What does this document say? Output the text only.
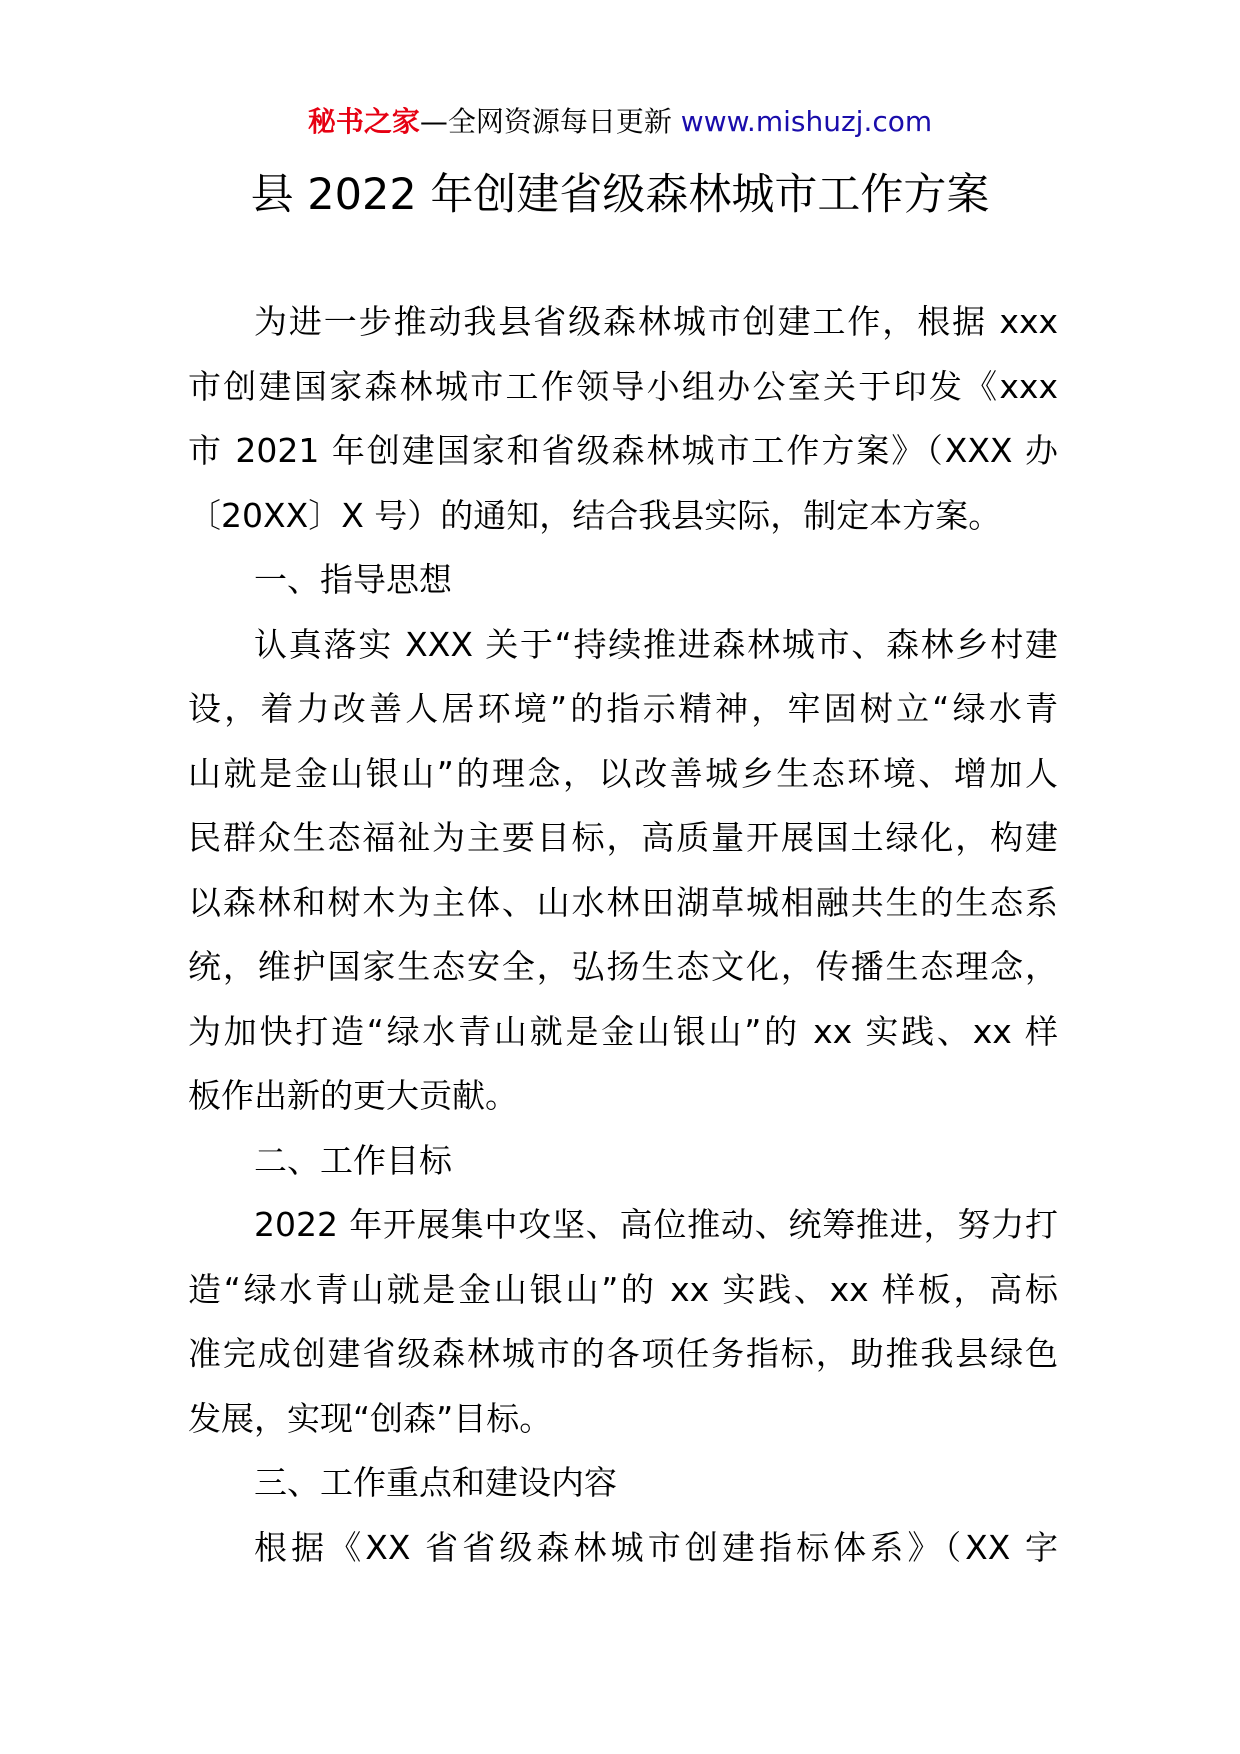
秘书之家—全网资源每日更新 www.mishuzj.com
县 2022 年创建省级森林城市工作方案
为进一步推动我县省级森林城市创建工作，根据 xxx
市创建国家森林城市工作领导小组办公室关于印发《xxx
市 2021 年创建国家和省级森林城市工作方案》（XXX 办
〔20XX〕X 号）的通知，结合我县实际，制定本方案。
一、指导思想
认真落实 XXX 关于“持续推进森林城市、森林乡村建
设，着力改善人居环境”的指示精神，牢固树立“绿水青
山就是金山银山”的理念，以改善城乡生态环境、增加人
民群众生态福祉为主要目标，高质量开展国土绿化，构建
以森林和树木为主体、山水林田湖草城相融共生的生态系
统，维护国家生态安全，弘扬生态文化，传播生态理念，
为加快打造“绿水青山就是金山银山”的 xx 实践、xx 样
板作出新的更大贡献。
二、工作目标
2022 年开展集中攻坚、高位推动、统筹推进，努力打
造“绿水青山就是金山银山”的 xx 实践、xx 样板，高标
准完成创建省级森林城市的各项任务指标，助推我县绿色
发展，实现“创森”目标。
三、工作重点和建设内容
根据《XX 省省级森林城市创建指标体系》（XX 字
